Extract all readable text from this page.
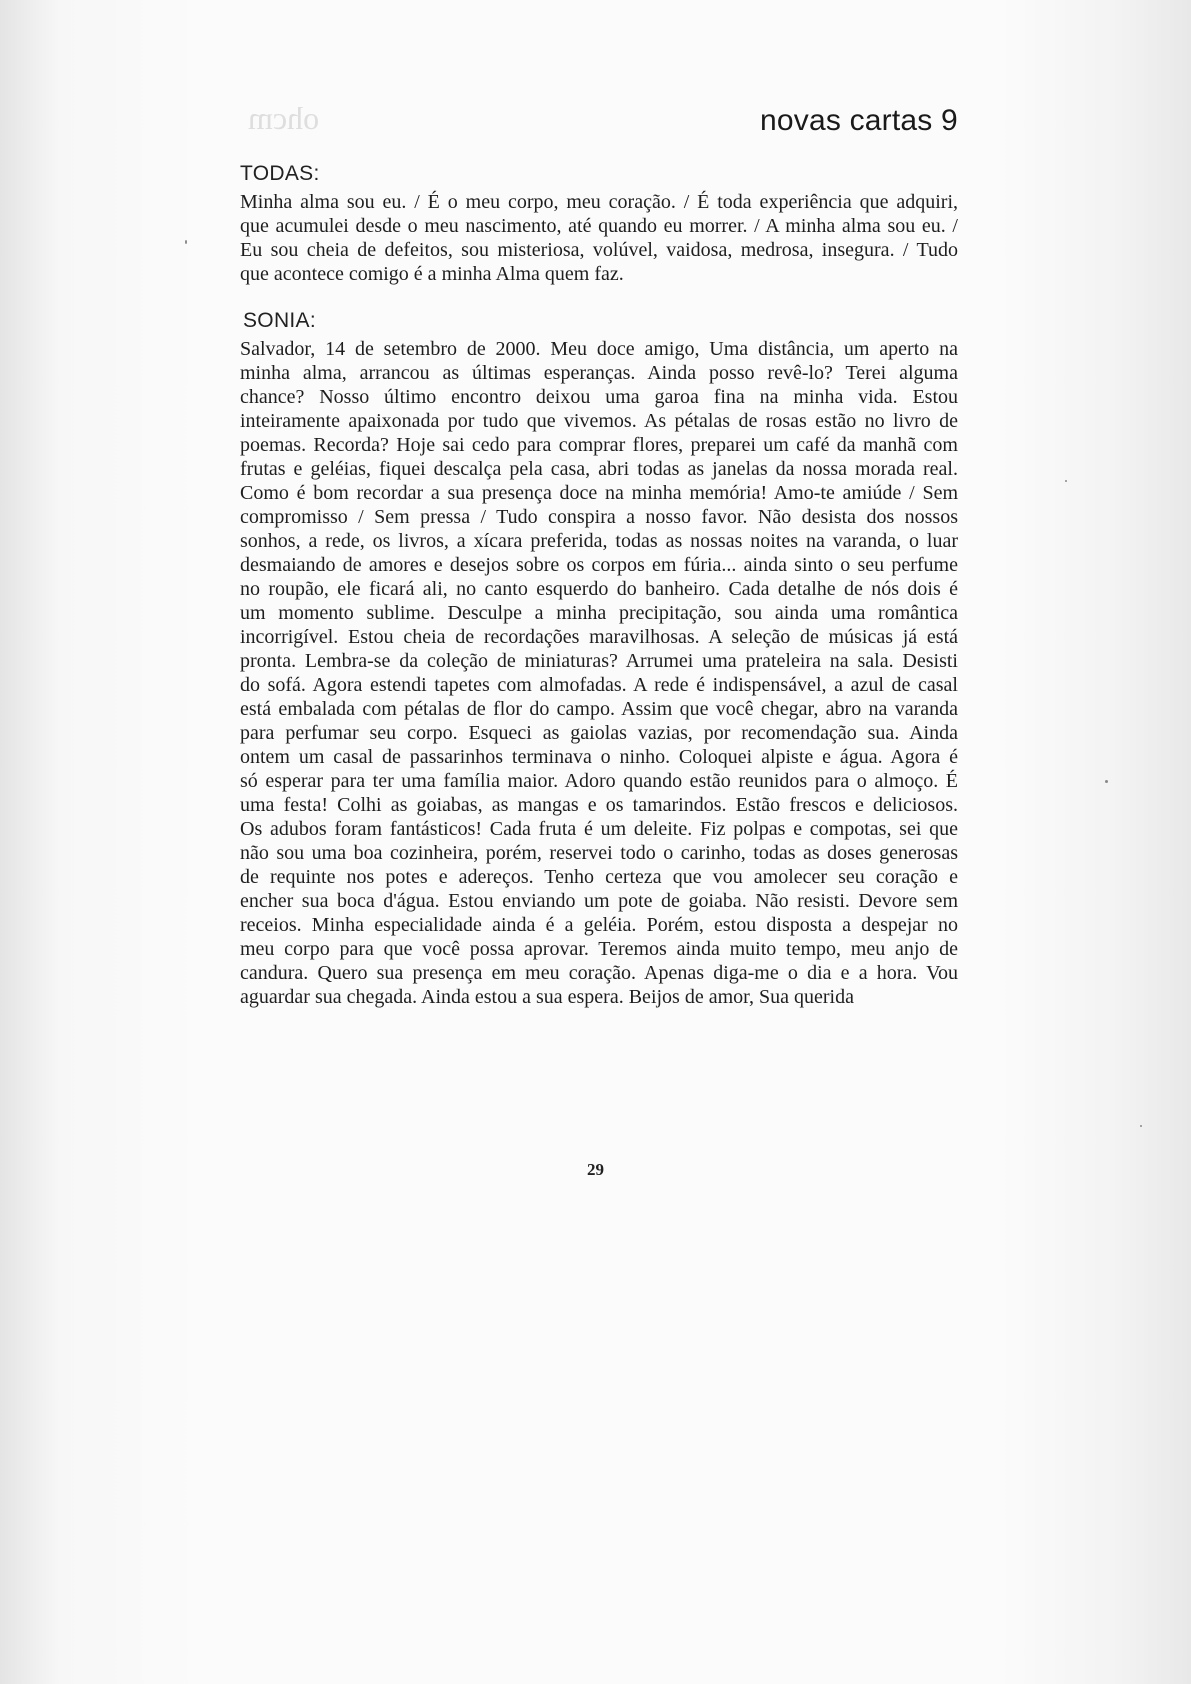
ohcm	novas cartas 9
TODAS:
Minha alma sou eu. / É o meu corpo, meu coração. / É toda experiência que adquiri,
que acumulei desde o meu nascimento, até quando eu morrer. / A minha alma sou eu. /
Eu sou cheia de defeitos, sou misteriosa, volúvel, vaidosa, medrosa, insegura. / Tudo
que acontece comigo é a minha Alma quem faz.
SONIA:
Salvador, 14 de setembro de 2000. Meu doce amigo, Uma distância, um aperto na
minha alma, arrancou as últimas esperanças. Ainda posso revê-lo? Terei alguma
chance? Nosso último encontro deixou uma garoa fina na minha vida. Estou
inteiramente apaixonada por tudo que vivemos. As pétalas de rosas estão no livro de
poemas. Recorda? Hoje sai cedo para comprar flores, preparei um café da manhã com
frutas e geléias, fiquei descalça pela casa, abri todas as janelas da nossa morada real.
Como é bom recordar a sua presença doce na minha memória! Amo-te amiúde / Sem
compromisso / Sem pressa / Tudo conspira a nosso favor. Não desista dos nossos
sonhos, a rede, os livros, a xícara preferida, todas as nossas noites na varanda, o luar
desmaiando de amores e desejos sobre os corpos em fúria... ainda sinto o seu perfume
no roupão, ele ficará ali, no canto esquerdo do banheiro. Cada detalhe de nós dois é
um momento sublime. Desculpe a minha precipitação, sou ainda uma romântica
incorrigível. Estou cheia de recordações maravilhosas. A seleção de músicas já está
pronta. Lembra-se da coleção de miniaturas? Arrumei uma prateleira na sala. Desisti
do sofá. Agora estendi tapetes com almofadas. A rede é indispensável, a azul de casal
está embalada com pétalas de flor do campo. Assim que você chegar, abro na varanda
para perfumar seu corpo. Esqueci as gaiolas vazias, por recomendação sua. Ainda
ontem um casal de passarinhos terminava o ninho. Coloquei alpiste e água. Agora é
só esperar para ter uma família maior. Adoro quando estão reunidos para o almoço. É
uma festa! Colhi as goiabas, as mangas e os tamarindos. Estão frescos e deliciosos.
Os adubos foram fantásticos! Cada fruta é um deleite. Fiz polpas e compotas, sei que
não sou uma boa cozinheira, porém, reservei todo o carinho, todas as doses generosas
de requinte nos potes e adereços. Tenho certeza que vou amolecer seu coração e
encher sua boca d'água. Estou enviando um pote de goiaba. Não resisti. Devore sem
receios. Minha especialidade ainda é a geléia. Porém, estou disposta a despejar no
meu corpo para que você possa aprovar. Teremos ainda muito tempo, meu anjo de
candura. Quero sua presença em meu coração. Apenas diga-me o dia e a hora. Vou
aguardar sua chegada. Ainda estou a sua espera. Beijos de amor, Sua querida
29
